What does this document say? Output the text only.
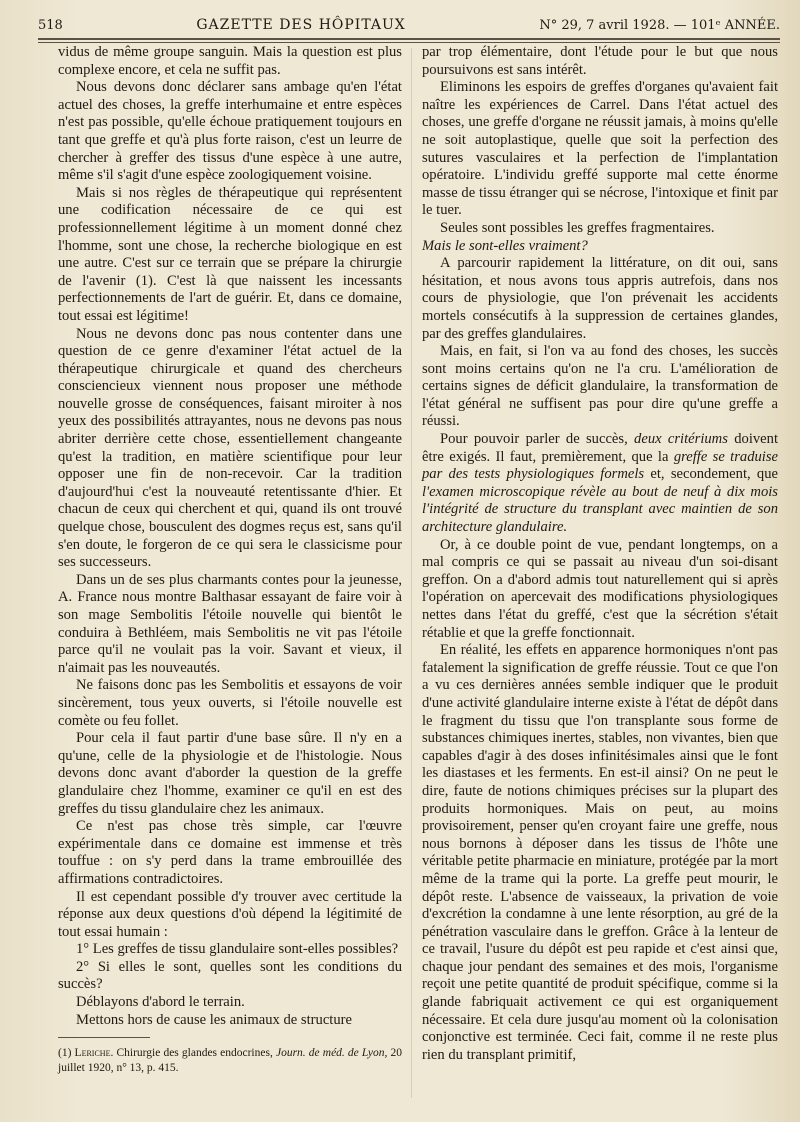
518	GAZETTE DES HÔPITAUX	N° 29, 7 avril 1928. — 101ᵉ ANNÉE.

vidus de même groupe sanguin. Mais la question est plus complexe encore, et cela ne suffit pas.

Nous devons donc déclarer sans ambage qu'en l'état actuel des choses, la greffe interhumaine et entre espèces n'est pas possible, qu'elle échoue pratiquement toujours en tant que greffe et qu'à plus forte raison, c'est un leurre de chercher à greffer des tissus d'une espèce à une autre, même s'il s'agit d'une espèce zoologiquement voisine.

Mais si nos règles de thérapeutique qui représentent une codification nécessaire de ce qui est professionnellement légitime à un moment donné chez l'homme, sont une chose, la recherche biologique en est une autre. C'est sur ce terrain que se prépare la chirurgie de l'avenir (1). C'est là que naissent les incessants perfectionnements de l'art de guérir. Et, dans ce domaine, tout essai est légitime!

Nous ne devons donc pas nous contenter dans une question de ce genre d'examiner l'état actuel de la thérapeutique chirurgicale et quand des chercheurs consciencieux viennent nous proposer une méthode nouvelle grosse de conséquences, faisant miroiter à nos yeux des possibilités attrayantes, nous ne devons pas nous abriter derrière cette chose, essentiellement changeante qu'est la tradition, en matière scientifique pour leur opposer une fin de non-recevoir. Car la tradition d'aujourd'hui c'est la nouveauté retentissante d'hier. Et chacun de ceux qui cherchent et qui, quand ils ont trouvé quelque chose, bousculent des dogmes reçus est, sans qu'il s'en doute, le forgeron de ce qui sera le classicisme pour ses successeurs.

Dans un de ses plus charmants contes pour la jeunesse, A. France nous montre Balthasar essayant de faire voir à son mage Sembolitis l'étoile nouvelle qui bientôt le conduira à Bethléem, mais Sembolitis ne vit pas l'étoile parce qu'il ne voulait pas la voir. Savant et vieux, il n'aimait pas les nouveautés.

Ne faisons donc pas les Sembolitis et essayons de voir sincèrement, tous yeux ouverts, si l'étoile nouvelle est comète ou feu follet.

Pour cela il faut partir d'une base sûre. Il n'y en a qu'une, celle de la physiologie et de l'histologie. Nous devons donc avant d'aborder la question de la greffe glandulaire chez l'homme, examiner ce qu'il en est des greffes du tissu glandulaire chez les animaux.

Ce n'est pas chose très simple, car l'œuvre expérimentale dans ce domaine est immense et très touffue : on s'y perd dans la trame embrouillée des affirmations contradictoires.

Il est cependant possible d'y trouver avec certitude la réponse aux deux questions d'où dépend la légitimité de tout essai humain :

1° Les greffes de tissu glandulaire sont-elles possibles?

2° Si elles le sont, quelles sont les conditions du succès?

Déblayons d'abord le terrain.

Mettons hors de cause les animaux de structure

(1) Leriche. Chirurgie des glandes endocrines, Journ. de méd. de Lyon, 20 juillet 1920, n° 13, p. 415.

par trop élémentaire, dont l'étude pour le but que nous poursuivons est sans intérêt.

Eliminons les espoirs de greffes d'organes qu'avaient fait naître les expériences de Carrel. Dans l'état actuel des choses, une greffe d'organe ne réussit jamais, à moins qu'elle ne soit autoplastique, quelle que soit la perfection des sutures vasculaires et la perfection de l'implantation opératoire. L'individu greffé supporte mal cette énorme masse de tissu étranger qui se nécrose, l'intoxique et finit par le tuer.

Seules sont possibles les greffes fragmentaires.

Mais le sont-elles vraiment?

A parcourir rapidement la littérature, on dit oui, sans hésitation, et nous avons tous appris autrefois, dans nos cours de physiologie, que l'on prévenait les accidents mortels consécutifs à la suppression de certaines glandes, par des greffes glandulaires.

Mais, en fait, si l'on va au fond des choses, les succès sont moins certains qu'on ne l'a cru. L'amélioration de certains signes de déficit glandulaire, la transformation de l'état général ne suffisent pas pour dire qu'une greffe a réussi.

Pour pouvoir parler de succès, deux critériums doivent être exigés. Il faut, premièrement, que la greffe se traduise par des tests physiologiques formels et, secondement, que l'examen microscopique révèle au bout de neuf à dix mois l'intégrité de structure du transplant avec maintien de son architecture glandulaire.

Or, à ce double point de vue, pendant longtemps, on a mal compris ce qui se passait au niveau d'un soi-disant greffon. On a d'abord admis tout naturellement qui si après l'opération on apercevait des modifications physiologiques nettes dans l'état du greffé, c'est que la sécrétion s'était rétablie et que la greffe fonctionnait.

En réalité, les effets en apparence hormoniques n'ont pas fatalement la signification de greffe réussie. Tout ce que l'on a vu ces dernières années semble indiquer que le produit d'une activité glandulaire interne existe à l'état de dépôt dans le fragment du tissu que l'on transplante sous forme de substances chimiques inertes, stables, non vivantes, bien que capables d'agir à des doses infinitésimales ainsi que le font les diastases et les ferments. En est-il ainsi? On ne peut le dire, faute de notions chimiques précises sur la plupart des produits hormoniques. Mais on peut, au moins provisoirement, penser qu'en croyant faire une greffe, nous nous bornons à déposer dans les tissus de l'hôte une véritable petite pharmacie en miniature, protégée par la mort même de la trame qui la porte. La greffe peut mourir, le dépôt reste. L'absence de vaisseaux, la privation de voie d'excrétion la condamne à une lente résorption, au gré de la pénétration vasculaire dans le greffon. Grâce à la lenteur de ce travail, l'usure du dépôt est peu rapide et c'est ainsi que, chaque jour pendant des semaines et des mois, l'organisme reçoit une petite quantité de produit spécifique, comme si la glande fabriquait activement ce qui est organiquement nécessaire. Et cela dure jusqu'au moment où la colonisation conjonctive est terminée. Ceci fait, comme il ne reste plus rien du transplant primitif,
